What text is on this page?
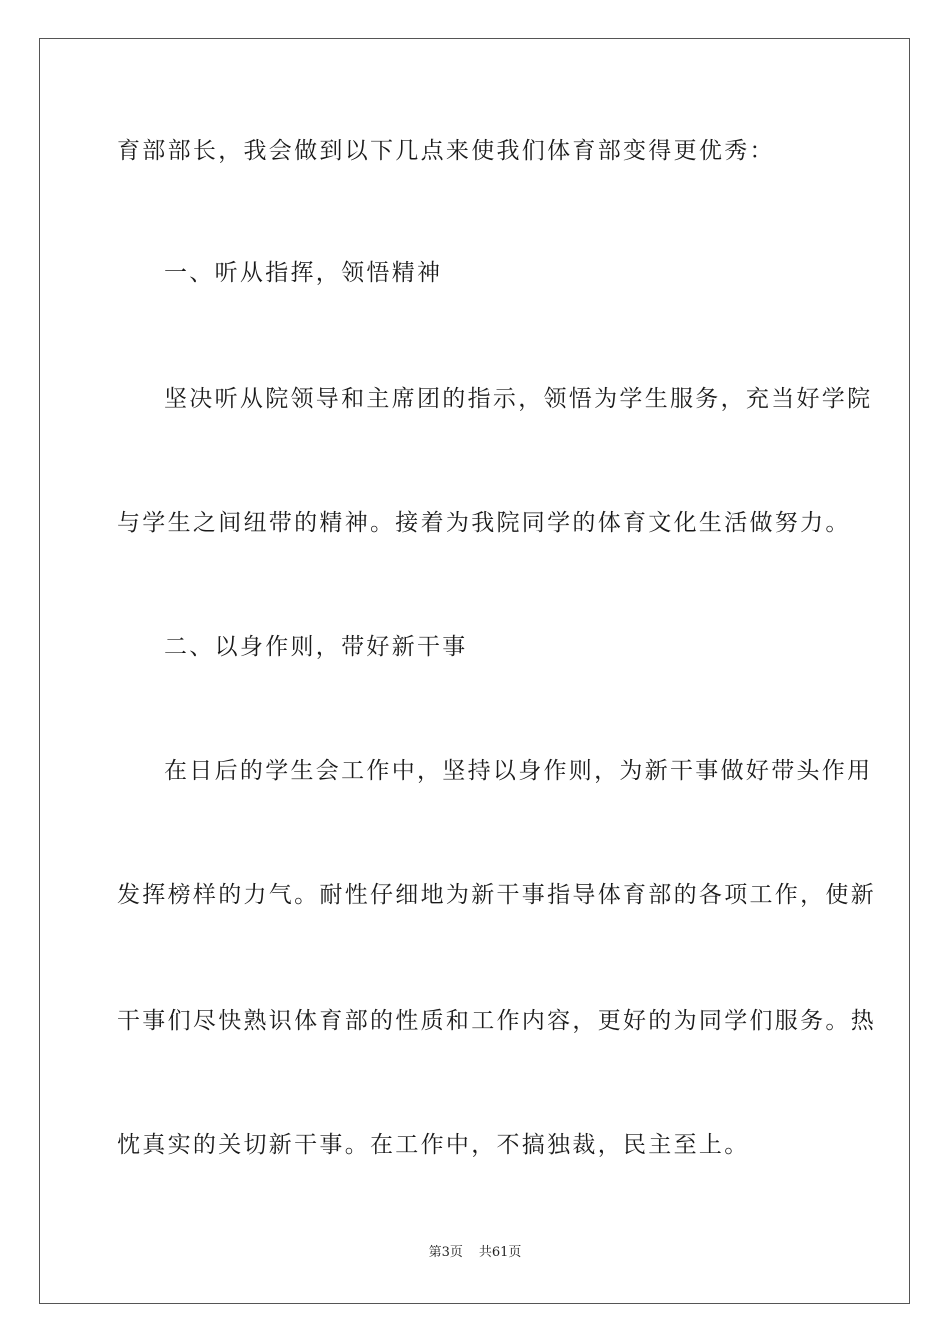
育部部长，我会做到以下几点来使我们体育部变得更优秀：
一、听从指挥，领悟精神
坚决听从院领导和主席团的指示，领悟为学生服务，充当好学院
与学生之间纽带的精神。接着为我院同学的体育文化生活做努力。
二、以身作则，带好新干事
在日后的学生会工作中，坚持以身作则，为新干事做好带头作用
发挥榜样的力气。耐性仔细地为新干事指导体育部的各项工作，使新
干事们尽快熟识体育部的性质和工作内容，更好的为同学们服务。热
忱真实的关切新干事。在工作中，不搞独裁，民主至上。
第3页 共61页
